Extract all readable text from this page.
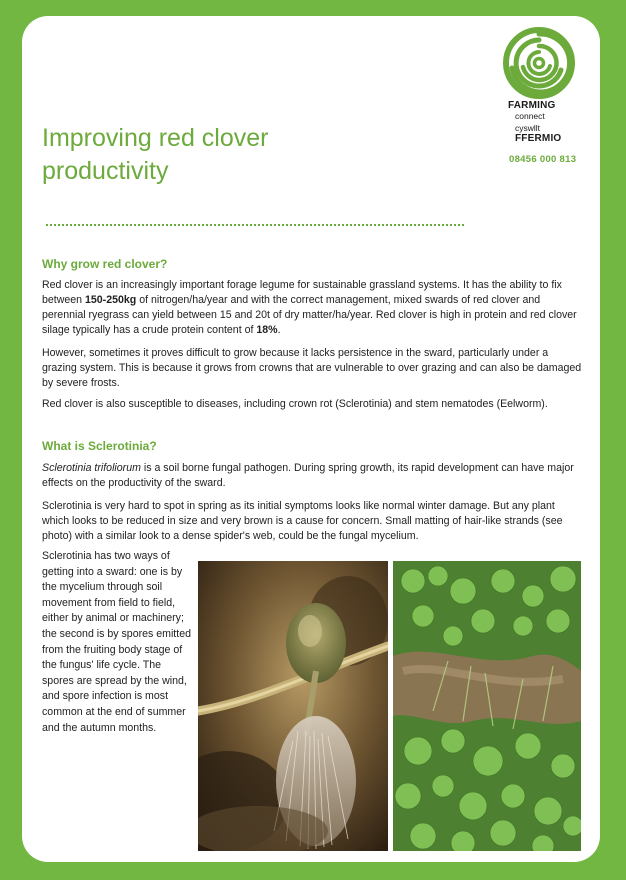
Improving red clover
productivity
FARMING
connect
cyswllt
FFERMIO
08456 000 813
Why grow red clover?

Red clover is an increasingly important forage legume for sustainable grassland systems. It has the ability to fix between 150-250kg of nitrogen/ha/year and with the correct management, mixed swards of red clover and perennial ryegrass can yield between 15 and 20t of dry matter/ha/year. Red clover is high in protein and red clover silage typically has a crude protein content of 18%.

However, sometimes it proves difficult to grow because it lacks persistence in the sward, particularly under a grazing system. This is because it grows from crowns that are vulnerable to over grazing and can also be damaged by severe frosts.

Red clover is also susceptible to diseases, including crown rot (Sclerotinia) and stem nematodes (Eelworm).

What is Sclerotinia?

Sclerotinia trifoliorum is a soil borne fungal pathogen. During spring growth, its rapid development can have major effects on the productivity of the sward.

Sclerotinia is very hard to spot in spring as its initial symptoms looks like normal winter damage. But any plant which looks to be reduced in size and very brown is a cause for concern. Small matting of hair-like strands (see photo) with a similar look to a dense spider's web, could be the fungal mycelium.

Sclerotinia has two ways of getting into a sward: one is by the mycelium through soil movement from field to field, either by animal or machinery; the second is by spores emitted from the fruiting body stage of the fungus' life cycle. The spores are spread by the wind, and spore infection is most common at the end of summer and the autumn months.
